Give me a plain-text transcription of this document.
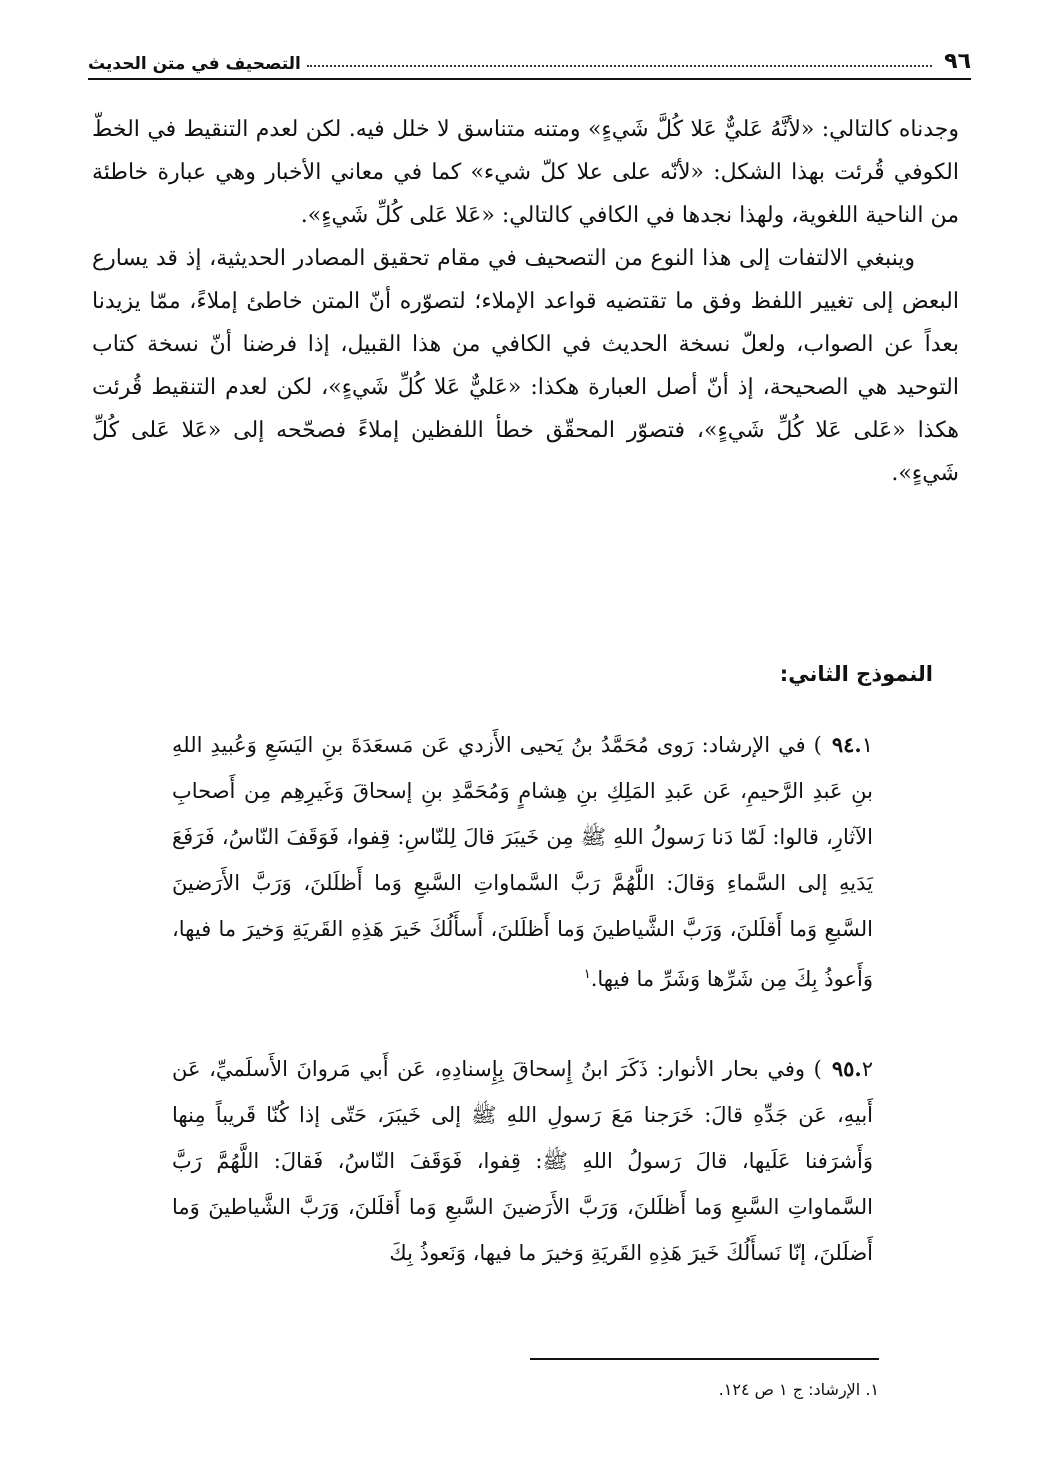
٩٦
التصحيف في متن الحديث

وجدناه كالتالي: «لأنَّهُ عَليٌّ عَلا كُلَّ شَيءٍ» ومتنه متناسق لا خلل فيه. لكن لعدم التنقيط في الخطّ الكوفي قُرئت بهذا الشكل: «لأنّه على علا كلّ شيء» كما في معاني الأخبار وهي عبارة خاطئة من الناحية اللغوية، ولهذا نجدها في الكافي كالتالي: «عَلا عَلى كُلِّ شَيءٍ».

وينبغي الالتفات إلى هذا النوع من التصحيف في مقام تحقيق المصادر الحديثية، إذ قد يسارع البعض إلى تغيير اللفظ وفق ما تقتضيه قواعد الإملاء؛ لتصوّره أنّ المتن خاطئ إملاءً، ممّا يزيدنا بعداً عن الصواب، ولعلّ نسخة الحديث في الكافي من هذا القبيل، إذا فرضنا أنّ نسخة كتاب التوحيد هي الصحيحة، إذ أنّ أصل العبارة هكذا: «عَليٌّ عَلا كُلِّ شَيءٍ»، لكن لعدم التنقيط قُرئت هكذا «عَلى عَلا كُلِّ شَيءٍ»، فتصوّر المحقّق خطأ اللفظين إملاءً فصحّحه إلى «عَلا عَلى كُلِّ شَيءٍ».

النموذج الثاني:

٩٤.١) في الإرشاد: رَوى مُحَمَّدُ بنُ يَحيى الأَزدي عَن مَسعَدَةَ بنِ اليَسَعِ وَعُبيدِ اللهِ بنِ عَبدِ الرَّحيمِ، عَن عَبدِ المَلِكِ بنِ هِشامٍ وَمُحَمَّدِ بنِ إسحاقَ وَغَيرِهِم مِن أَصحابِ الآثارِ، قالوا: لَمّا دَنا رَسولُ اللهِ ﷺ مِن خَيبَرَ قالَ لِلنّاسِ: قِفوا، فَوَقَفَ النّاسُ، فَرَفَعَ يَدَيهِ إلى السَّماءِ وَقالَ: اللَّهُمَّ رَبَّ السَّماواتِ السَّبعِ وَما أَظلَلنَ، وَرَبَّ الأَرَضينَ السَّبعِ وَما أَقلَلنَ، وَرَبَّ الشَّياطينَ وَما أَظلَلنَ، أَسأَلُكَ خَيرَ هَذِهِ القَريَةِ وَخيرَ ما فيها، وَأَعوذُ بِكَ مِن شَرِّها وَشَرِّ ما فيها.$^١$

٩٥.٢) وفي بحار الأنوار: ذَكَرَ ابنُ إِسحاقَ بِإِسنادِهِ، عَن أَبي مَروانَ الأَسلَميِّ، عَن أَبيهِ، عَن جَدِّهِ قالَ: خَرَجنا مَعَ رَسولِ اللهِ ﷺ إلى خَيبَرَ، حَتّى إذا كُنّا قَريباً مِنها وَأَشرَفنا عَلَيها، قالَ رَسولُ اللهِ ﷺ: قِفوا، فَوَقَفَ النّاسُ، فَقالَ: اللَّهُمَّ رَبَّ السَّماواتِ السَّبعِ وَما أَظلَلنَ، وَرَبَّ الأَرَضينَ السَّبعِ وَما أَقلَلنَ، وَرَبَّ الشَّياطينَ وَما أَضلَلنَ، إنّا نَسأَلُكَ خَيرَ هَذِهِ القَريَةِ وَخيرَ ما فيها، وَنَعوذُ بِكَ

١. الإرشاد: ج ١ ص ١٢٤.
